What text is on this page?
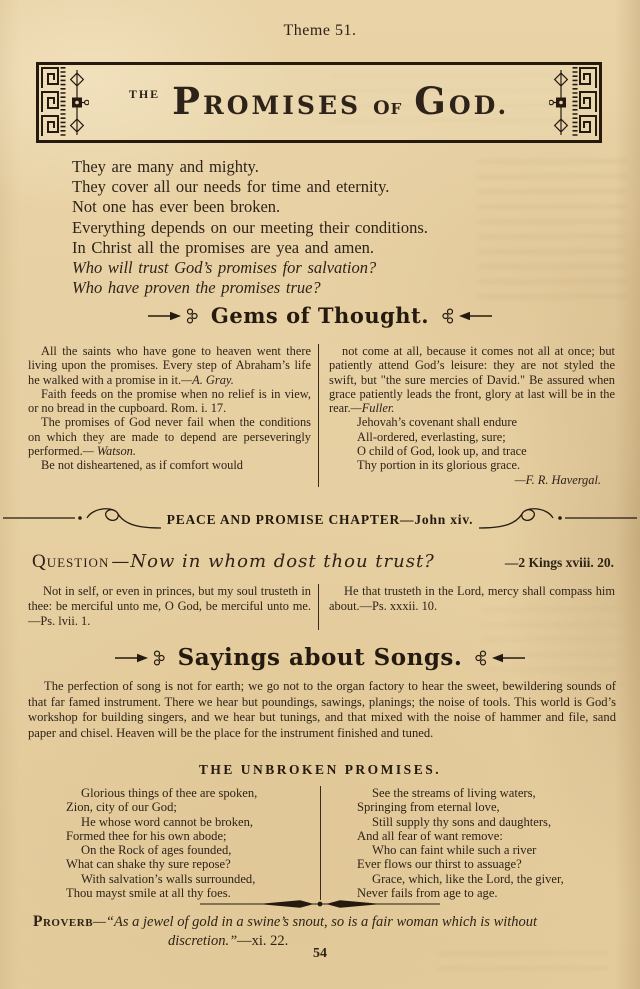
Theme 51.
THE PROMISES OF GOD.
They are many and mighty.
They cover all our needs for time and eternity.
Not one has ever been broken.
Everything depends on our meeting their conditions.
In Christ all the promises are yea and amen.
Who will trust God’s promises for salvation?
Who have proven the promises true?
Gems of Thought.

All the saints who have gone to heaven went there living upon the promises. Every step of Abraham’s life he walked with a promise in it.—A. Gray.

Faith feeds on the promise when no relief is in view, or no bread in the cupboard. Rom. i. 17.

The promises of God never fail when the conditions on which they are made to depend are perseveringly performed.— Watson.

Be not disheartened, as if comfort would

not come at all, because it comes not all at once; but patiently attend God’s leisure: they are not styled the swift, but "the sure mercies of David." Be assured when grace patiently leads the front, glory at last will be in the rear.—Fuller.

Jehovah’s covenant shall endure
All-ordered, everlasting, sure;
O child of God, look up, and trace
Thy portion in its glorious grace.
—F. R. Havergal.
PEACE AND PROMISE CHAPTER—John xiv.
Question —Now in whom dost thou trust?	—2 Kings xviii. 20.

Not in self, or even in princes, but my soul trusteth in thee: be merciful unto me, O God, be merciful unto me.—Ps. lvii. 1.

He that trusteth in the Lord, mercy shall compass him about.—Ps. xxxii. 10.

Sayings about Songs.

The perfection of song is not for earth; we go not to the organ factory to hear the sweet, bewildering sounds of that far famed instrument. There we hear but poundings, sawings, planings; the noise of tools. This world is God’s workshop for building singers, and we hear but tunings, and that mixed with the noise of hammer and file, sand paper and chisel. Heaven will be the place for the instrument finished and tuned.

THE UNBROKEN PROMISES.
Glorious things of thee are spoken,
Zion, city of our God;
He whose word cannot be broken,
Formed thee for his own abode;
On the Rock of ages founded,
What can shake thy sure repose?
With salvation’s walls surrounded,
Thou mayst smile at all thy foes.
See the streams of living waters,
Springing from eternal love,
Still supply thy sons and daughters,
And all fear of want remove:
Who can faint while such a river
Ever flows our thirst to assuage?
Grace, which, like the Lord, the giver,
Never fails from age to age.
Proverb—“As a jewel of gold in a swine’s snout, so is a fair woman which is without discretion.”—xi. 22.
54
